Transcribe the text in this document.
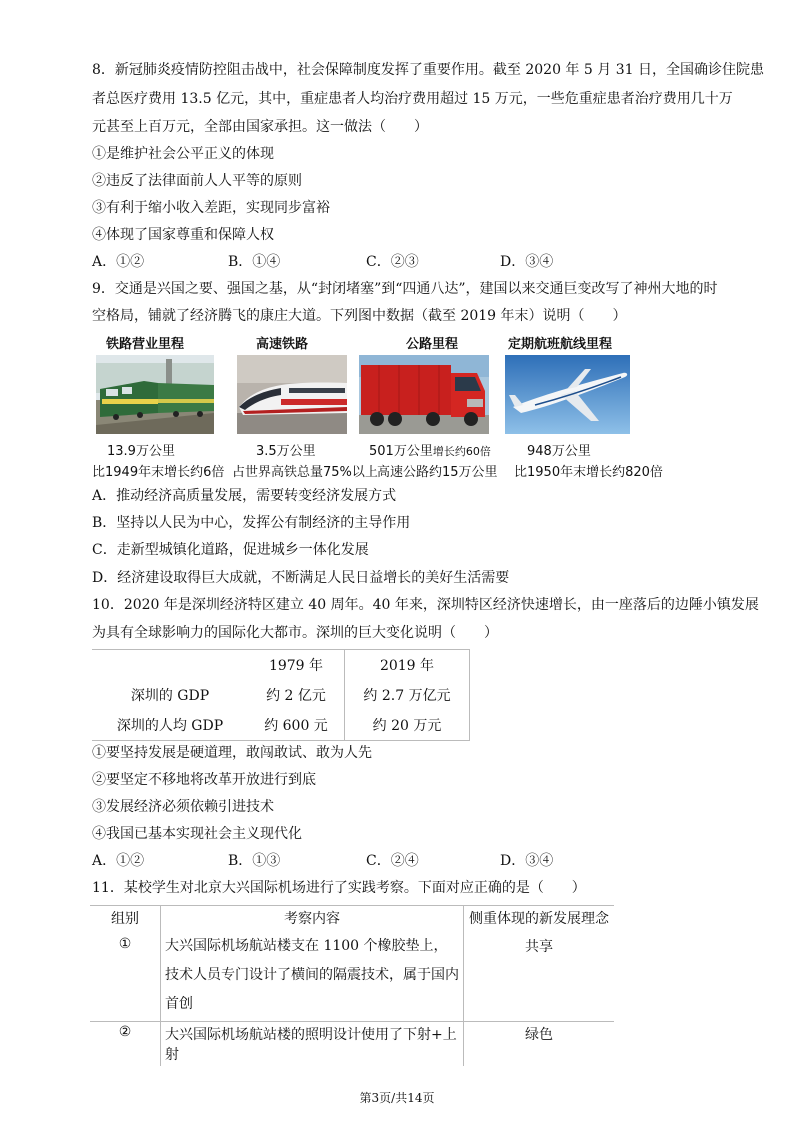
8．新冠肺炎疫情防控阻击战中，社会保障制度发挥了重要作用。截至 2020 年 5 月 31 日，全国确诊住院患
者总医疗费用 13.5 亿元，其中，重症患者人均治疗费用超过 15 万元，一些危重症患者治疗费用几十万
元甚至上百万元，全部由国家承担。这一做法（　　）
①是维护社会公平正义的体现
②违反了法律面前人人平等的原则
③有利于缩小收入差距，实现同步富裕
④体现了国家尊重和保障人权
A．①②	B．①④	C．②③	D．③④
9．交通是兴国之要、强国之基，从“封闭堵塞”到“四通八达”，建国以来交通巨变改写了神州大地的时
空格局，铺就了经济腾飞的康庄大道。下列图中数据（截至 2019 年末）说明（　　）
铁路营业里程	高速铁路	公路里程	定期航班航线里程
13.9万公里	3.5万公里	501万公里增长约60倍	948万公里
比1949年末增长约6倍 占世界高铁总量75%以上 高速公路约15万公里 比1950年末增长约820倍
A．推动经济高质量发展，需要转变经济发展方式
B．坚持以人民为中心，发挥公有制经济的主导作用
C．走新型城镇化道路，促进城乡一体化发展
D．经济建设取得巨大成就，不断满足人民日益增长的美好生活需要
10．2020 年是深圳经济特区建立 40 周年。40 年来，深圳特区经济快速增长，由一座落后的边陲小镇发展
为具有全球影响力的国际化大都市。深圳的巨大变化说明（　　）
	1979 年	2019 年
深圳的 GDP	约 2 亿元	约 2.7 万亿元
深圳的人均 GDP	约 600 元	约 20 万元
①要坚持发展是硬道理，敢闯敢试、敢为人先
②要坚定不移地将改革开放进行到底
③发展经济必须依赖引进技术
④我国已基本实现社会主义现代化
A．①②	B．①③	C．②④	D．③④
11．某校学生对北京大兴国际机场进行了实践考察。下面对应正确的是（　　）
组别	考察内容	侧重体现的新发展理念
①	大兴国际机场航站楼支在 1100 个橡胶垫上，技术人员专门设计了横间的隔震技术，属于国内首创	共享
②	大兴国际机场航站楼的照明设计使用了下射+上射	绿色
第3页/共14页
